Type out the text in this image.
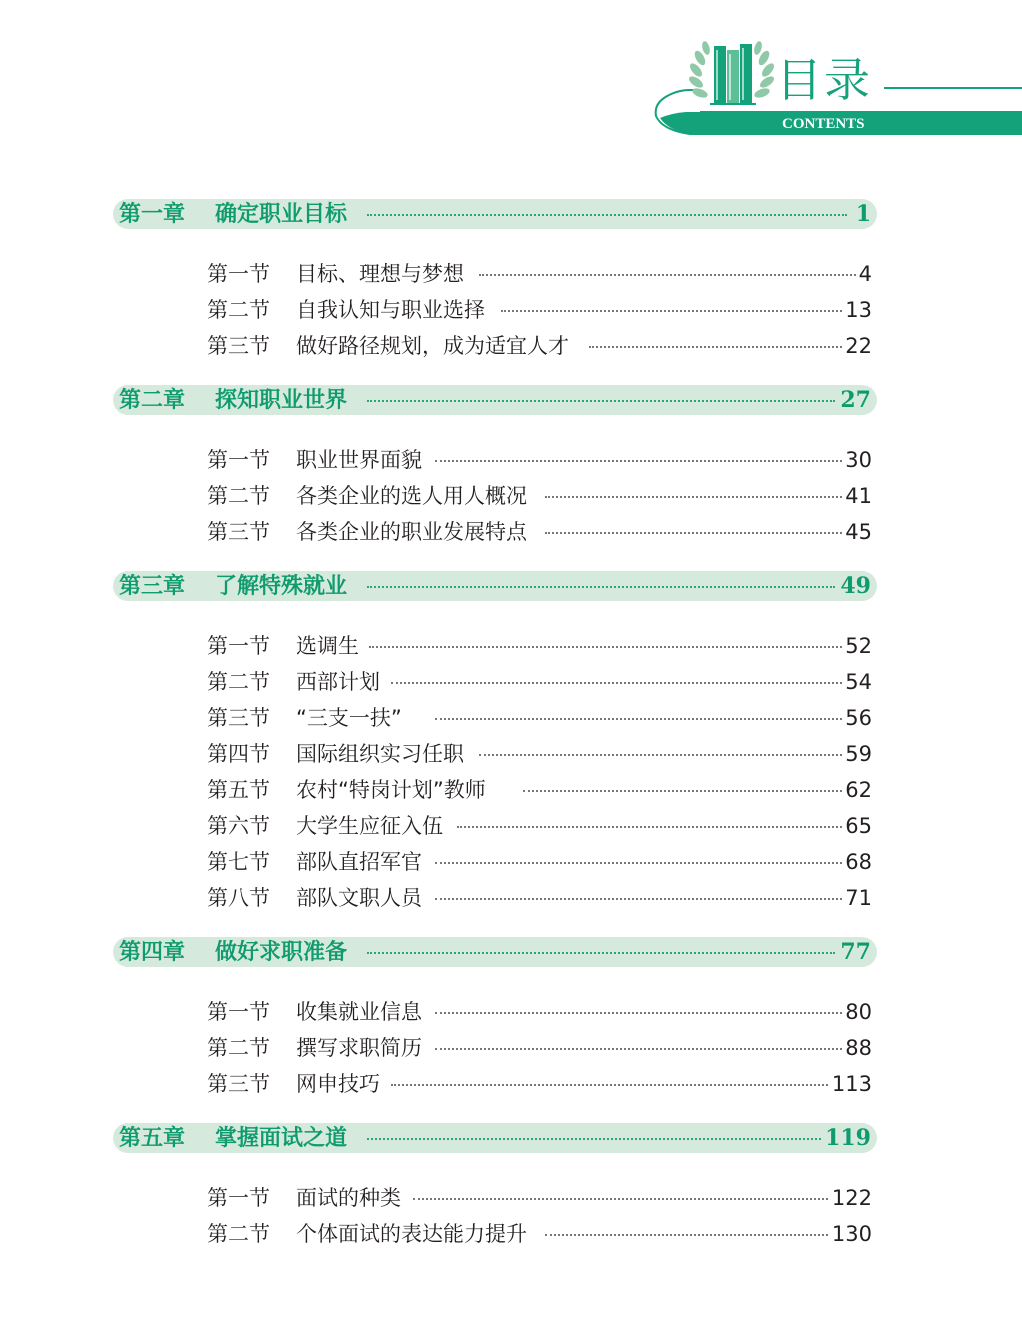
目录
CONTENTS
第一章 确定职业目标	1
第一节 目标、理想与梦想	4
第二节 自我认知与职业选择	13
第三节 做好路径规划，成为适宜人才	22
第二章 探知职业世界	27
第一节 职业世界面貌	30
第二节 各类企业的选人用人概况	41
第三节 各类企业的职业发展特点	45
第三章 了解特殊就业	49
第一节 选调生	52
第二节 西部计划	54
第三节 “三支一扶”	56
第四节 国际组织实习任职	59
第五节 农村“特岗计划”教师	62
第六节 大学生应征入伍	65
第七节 部队直招军官	68
第八节 部队文职人员	71
第四章 做好求职准备	77
第一节 收集就业信息	80
第二节 撰写求职简历	88
第三节 网申技巧	113
第五章 掌握面试之道	119
第一节 面试的种类	122
第二节 个体面试的表达能力提升	130
